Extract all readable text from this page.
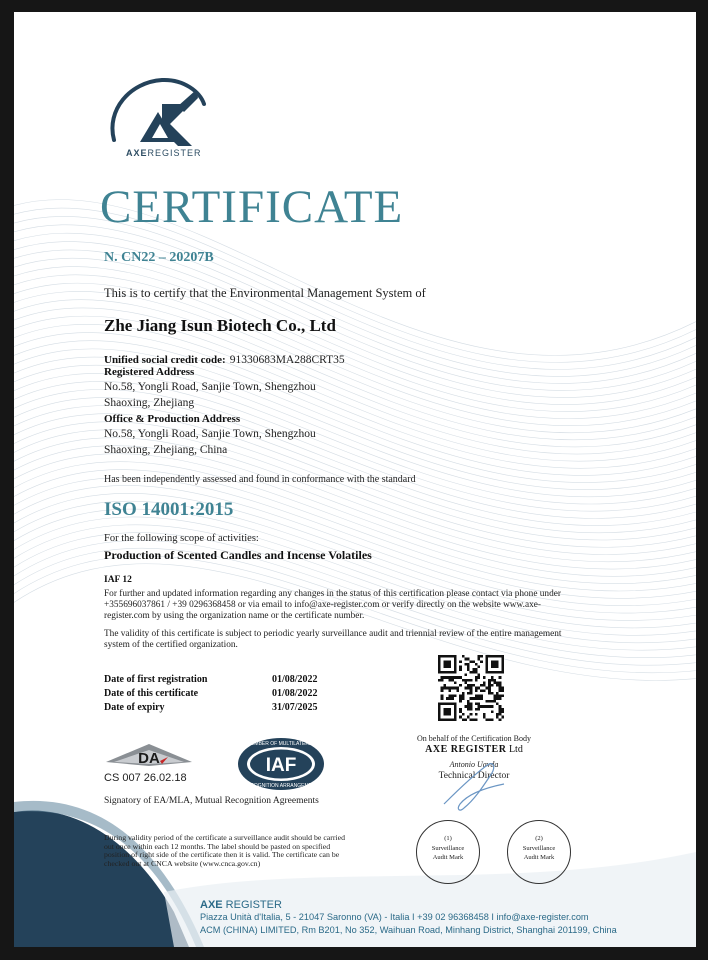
AXEREGISTER
CERTIFICATE
N. CN22 – 20207B
This is to certify that the Environmental Management System of
Zhe Jiang Isun Biotech Co., Ltd
Unified social credit code: 91330683MA288CRT35
Registered Address
No.58, Yongli Road, Sanjie Town, Shengzhou
Shaoxing, Zhejiang
Office & Production Address
No.58, Yongli Road, Sanjie Town, Shengzhou
Shaoxing, Zhejiang, China
Has been independently assessed and found in conformance with the standard
ISO 14001:2015
For the following scope of activities:
Production of Scented Candles and Incense Volatiles
IAF 12
For further and updated information regarding any changes in the status of this certification please contact via phone under +355696037861 / +39 0296368458 or via email to info@axe-register.com or verify directly on the website www.axe-register.com by using the organization name or the certificate number.
The validity of this certificate is subject to periodic yearly surveillance audit and triennial review of the entire management system of the certified organization.
Date of first registration	01/08/2022
Date of this certificate	01/08/2022
Date of expiry	31/07/2025
On behalf of the Certification Body
AXE REGISTER Ltd
Antonio Uavda
Technical Director
DA
CS 007 26.02.18
IAF
MEMBER OF MULTILATERAL
RECOGNITION ARRANGEMENT
Signatory of EA/MLA, Mutual Recognition Agreements
During validity period of the certificate a surveillance audit should be carried out once within each 12 months. The label should be pasted on specified position of right side of the certificate then it is valid. The certificate can be checked out at CNCA website (www.cnca.gov.cn)
(1)
Surveillance
Audit Mark
(2)
Surveillance
Audit Mark
AXE REGISTER
Piazza Unità d'Italia, 5 - 21047 Saronno (VA) - Italia I +39 02 96368458 I info@axe-register.com
ACM (CHINA) LIMITED, Rm B201, No 352, Waihuan Road, Minhang District, Shanghai 201199, China
